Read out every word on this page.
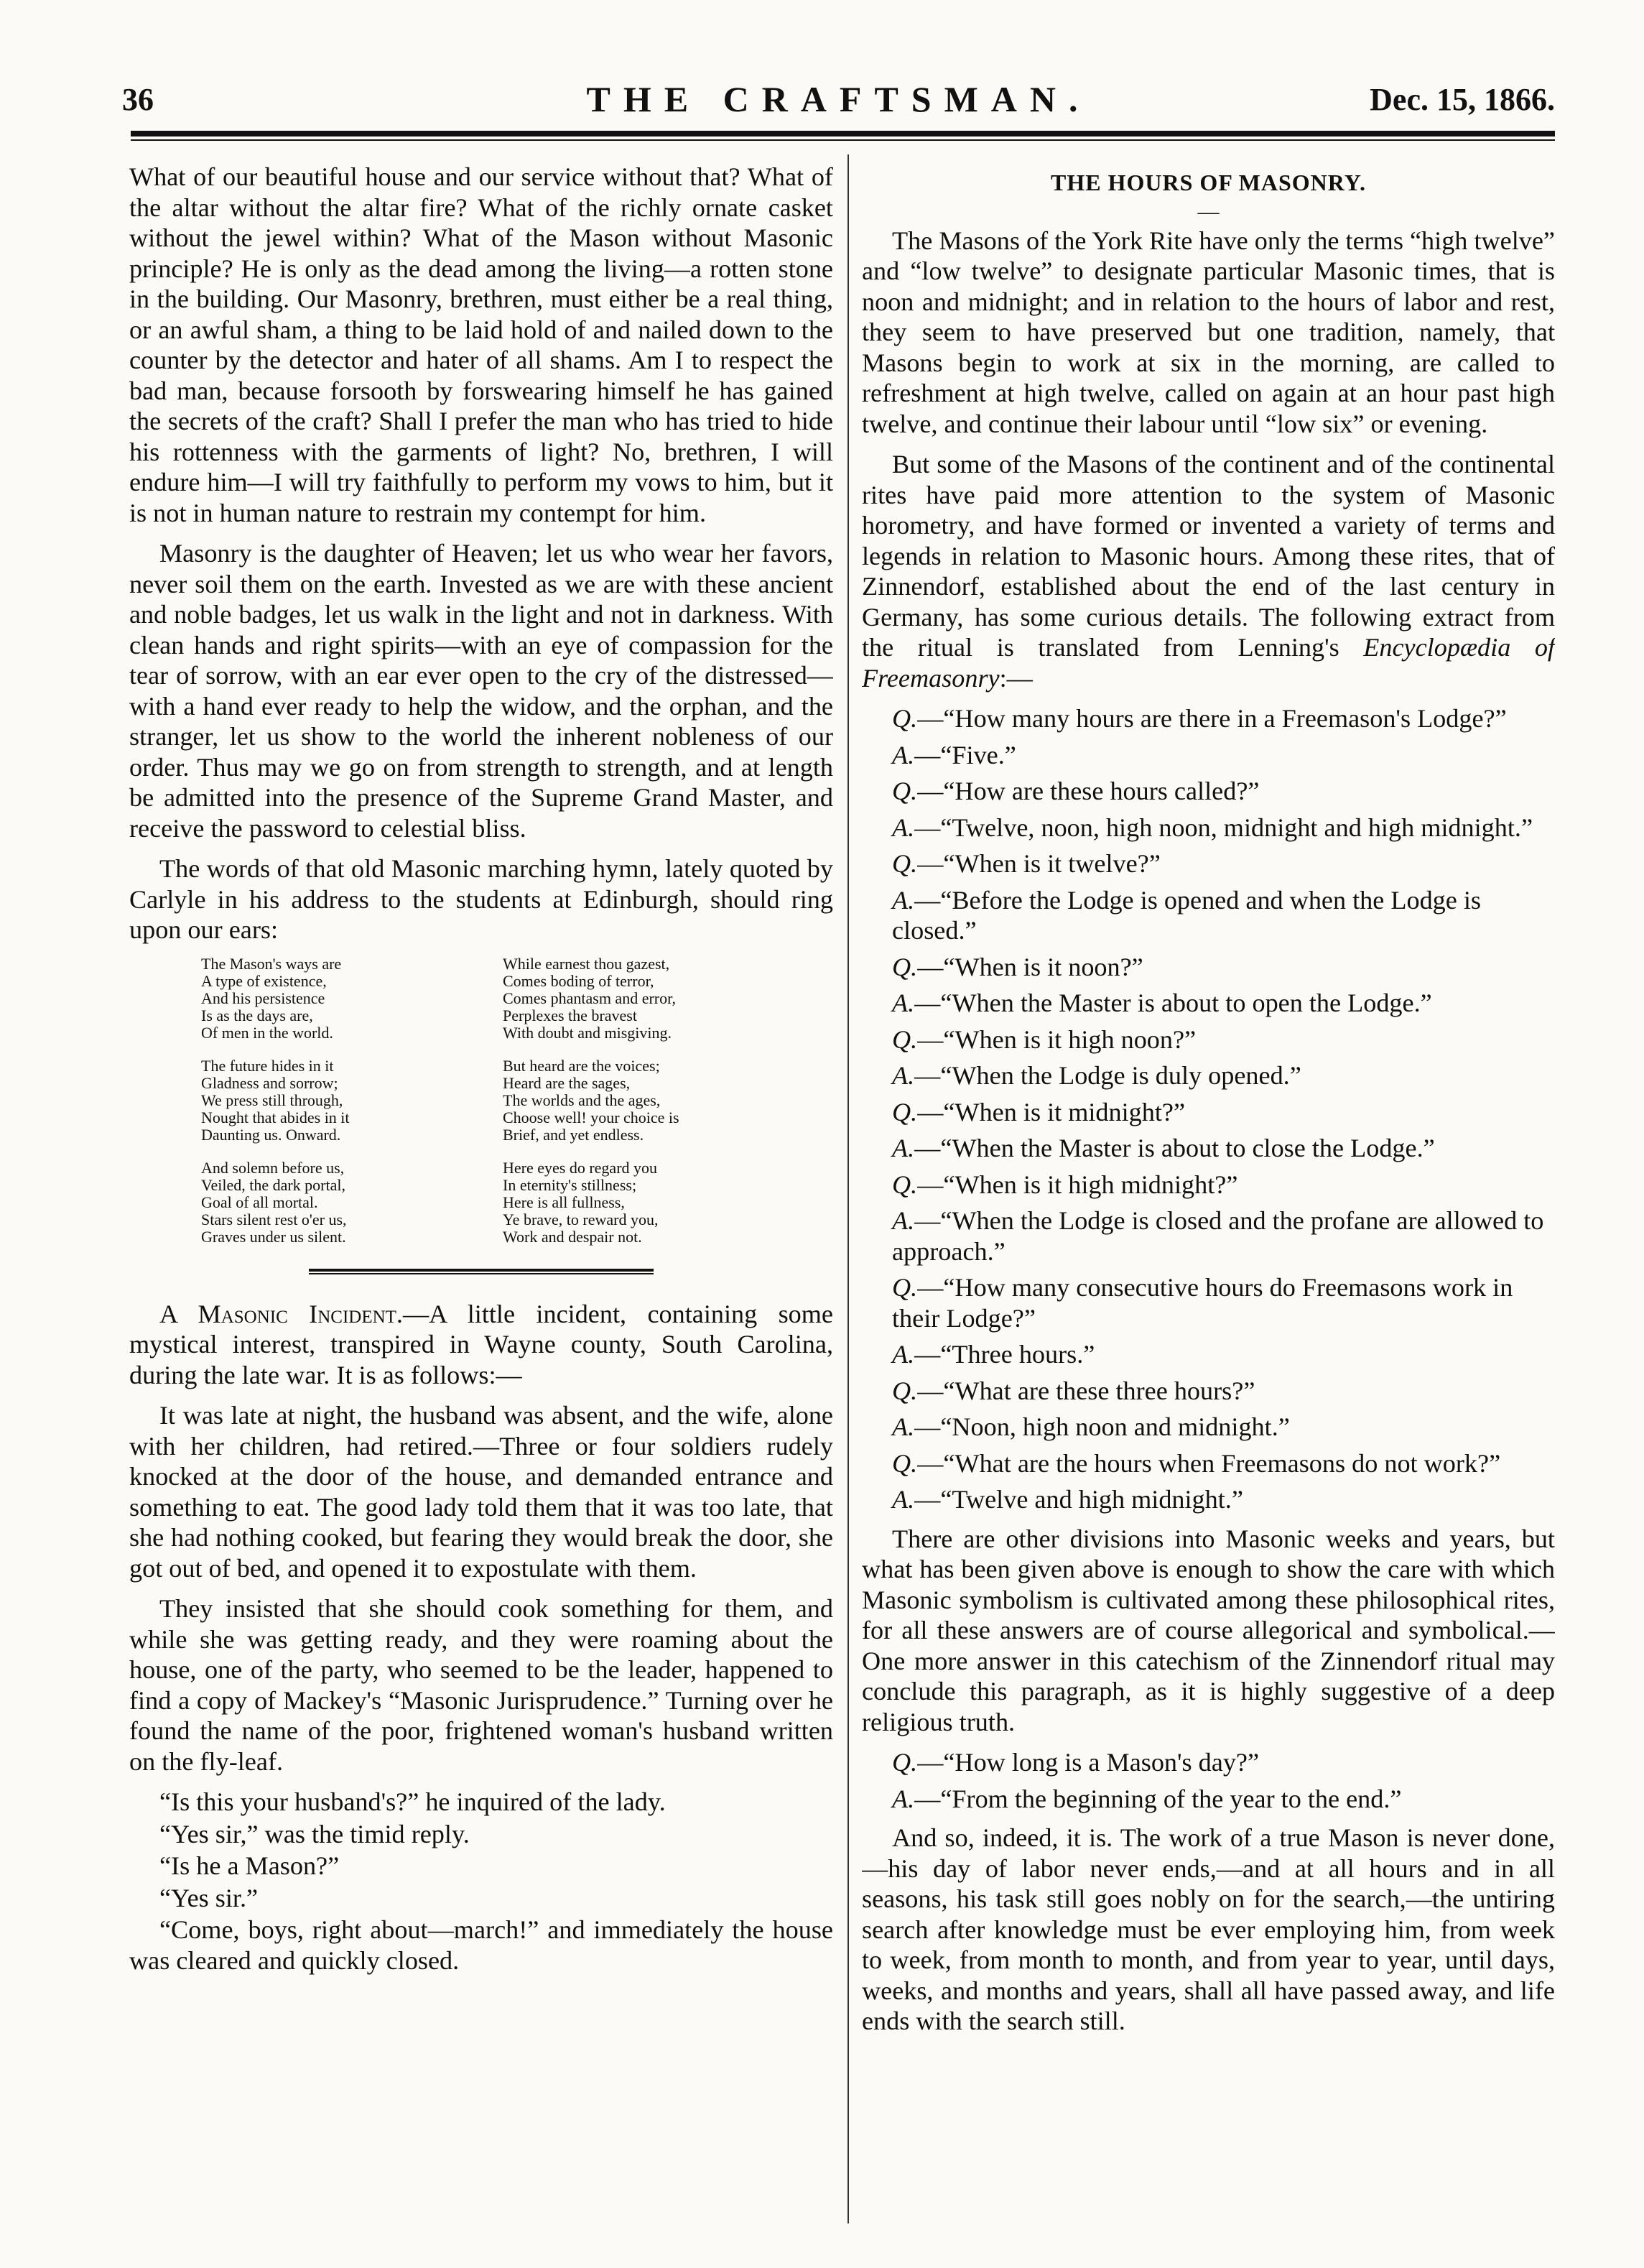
36	THE CRAFTSMAN.	Dec. 15, 1866.

What of our beautiful house and our service without that? What of the altar without the altar fire? What of the richly ornate casket without the jewel within? What of the Mason without Masonic principle? He is only as the dead among the living—a rotten stone in the building. Our Masonry, brethren, must either be a real thing, or an awful sham, a thing to be laid hold of and nailed down to the counter by the detector and hater of all shams. Am I to respect the bad man, because forsooth by forswearing himself he has gained the secrets of the craft? Shall I prefer the man who has tried to hide his rottenness with the garments of light? No, brethren, I will endure him—I will try faithfully to perform my vows to him, but it is not in human nature to restrain my contempt for him.

Masonry is the daughter of Heaven; let us who wear her favors, never soil them on the earth. Invested as we are with these ancient and noble badges, let us walk in the light and not in darkness. With clean hands and right spirits—with an eye of compassion for the tear of sorrow, with an ear ever open to the cry of the distressed—with a hand ever ready to help the widow, and the orphan, and the stranger, let us show to the world the inherent nobleness of our order. Thus may we go on from strength to strength, and at length be admitted into the presence of the Supreme Grand Master, and receive the password to celestial bliss.

The words of that old Masonic marching hymn, lately quoted by Carlyle in his address to the students at Edinburgh, should ring upon our ears:

The Mason's ways are
A type of existence,
And his persistence
Is as the days are,
Of men in the world.
The future hides in it
Gladness and sorrow;
We press still through,
Nought that abides in it
Daunting us. Onward.
And solemn before us,
Veiled, the dark portal,
Goal of all mortal.
Stars silent rest o'er us,
Graves under us silent.
While earnest thou gazest,
Comes boding of terror,
Comes phantasm and error,
Perplexes the bravest
With doubt and misgiving.
But heard are the voices;
Heard are the sages,
The worlds and the ages,
Choose well! your choice is
Brief, and yet endless.
Here eyes do regard you
In eternity's stillness;
Here is all fullness,
Ye brave, to reward you,
Work and despair not.

A Masonic Incident.—A little incident, containing some mystical interest, transpired in Wayne county, South Carolina, during the late war. It is as follows:—

It was late at night, the husband was absent, and the wife, alone with her children, had retired.—Three or four soldiers rudely knocked at the door of the house, and demanded entrance and something to eat. The good lady told them that it was too late, that she had nothing cooked, but fearing they would break the door, she got out of bed, and opened it to expostulate with them.

They insisted that she should cook something for them, and while she was getting ready, and they were roaming about the house, one of the party, who seemed to be the leader, happened to find a copy of Mackey's “Masonic Jurisprudence.” Turning over he found the name of the poor, frightened woman's husband written on the fly-leaf.

“Is this your husband's?” he inquired of the lady.

“Yes sir,” was the timid reply.

“Is he a Mason?”

“Yes sir.”

“Come, boys, right about—march!” and immediately the house was cleared and quickly closed.

THE HOURS OF MASONRY.
—

The Masons of the York Rite have only the terms “high twelve” and “low twelve” to designate particular Masonic times, that is noon and midnight; and in relation to the hours of labor and rest, they seem to have preserved but one tradition, namely, that Masons begin to work at six in the morning, are called to refreshment at high twelve, called on again at an hour past high twelve, and continue their labour until “low six” or evening.

But some of the Masons of the continent and of the continental rites have paid more attention to the system of Masonic horometry, and have formed or invented a variety of terms and legends in relation to Masonic hours. Among these rites, that of Zinnendorf, established about the end of the last century in Germany, has some curious details. The following extract from the ritual is translated from Lenning's Encyclopædia of Freemasonry:—

Q.—“How many hours are there in a Freemason's Lodge?”

A.—“Five.”

Q.—“How are these hours called?”

A.—“Twelve, noon, high noon, midnight and high midnight.”

Q.—“When is it twelve?”

A.—“Before the Lodge is opened and when the Lodge is closed.”

Q.—“When is it noon?”

A.—“When the Master is about to open the Lodge.”

Q.—“When is it high noon?”

A.—“When the Lodge is duly opened.”

Q.—“When is it midnight?”

A.—“When the Master is about to close the Lodge.”

Q.—“When is it high midnight?”

A.—“When the Lodge is closed and the profane are allowed to approach.”

Q.—“How many consecutive hours do Freemasons work in their Lodge?”

A.—“Three hours.”

Q.—“What are these three hours?”

A.—“Noon, high noon and midnight.”

Q.—“What are the hours when Freemasons do not work?”

A.—“Twelve and high midnight.”

There are other divisions into Masonic weeks and years, but what has been given above is enough to show the care with which Masonic symbolism is cultivated among these philosophical rites, for all these answers are of course allegorical and symbolical.—One more answer in this catechism of the Zinnendorf ritual may conclude this paragraph, as it is highly suggestive of a deep religious truth.

Q.—“How long is a Mason's day?”

A.—“From the beginning of the year to the end.”

And so, indeed, it is. The work of a true Mason is never done,—his day of labor never ends,—and at all hours and in all seasons, his task still goes nobly on for the search,—the untiring search after knowledge must be ever employing him, from week to week, from month to month, and from year to year, until days, weeks, and months and years, shall all have passed away, and life ends with the search still.
